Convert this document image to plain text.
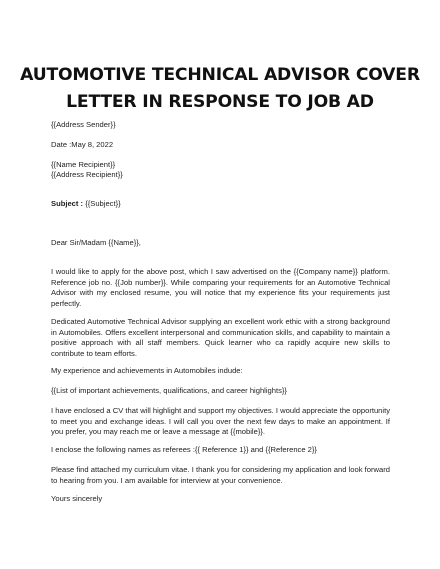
AUTOMOTIVE TECHNICAL ADVISOR COVER
LETTER IN RESPONSE TO JOB AD
{{Address Sender}}
Date :May 8, 2022
{{Name Recipient}}
{{Address Recipient}}
Subject : {{Subject}}
Dear Sir/Madam {{Name}},
I would like to apply for the above post, which I saw advertised on the {{Company name}} platform. Reference job no. {{Job number}}. While comparing your requirements for an Automotive Technical Advisor with my enclosed resume, you will notice that my experience fits your requirements just perfectly.
Dedicated Automotive Technical Advisor supplying an excellent work ethic with a strong background in Automobiles. Offers excellent interpersonal and communication skills, and capability to maintain a positive approach with all staff members. Quick learner who ca rapidly acquire new skills to contribute to team efforts.
My experience and achievements in Automobiles indude:
{{List of important achievements, qualifications, and career highlights}}
I have enclosed a CV that will highlight and support my objectives. I would appreciate the opportunity to meet you and exchange ideas. I will call you over the next few days to make an appointment. If you prefer, you may reach me or leave a message at {{mobile}}.
I enclose the following names as referees :{{ Reference 1}} and {{Reference 2}}
Please find attached my curriculum vitae. I thank you for considering my application and look forward to hearing from you. I am available for interview at your convenience.
Yours sincerely
